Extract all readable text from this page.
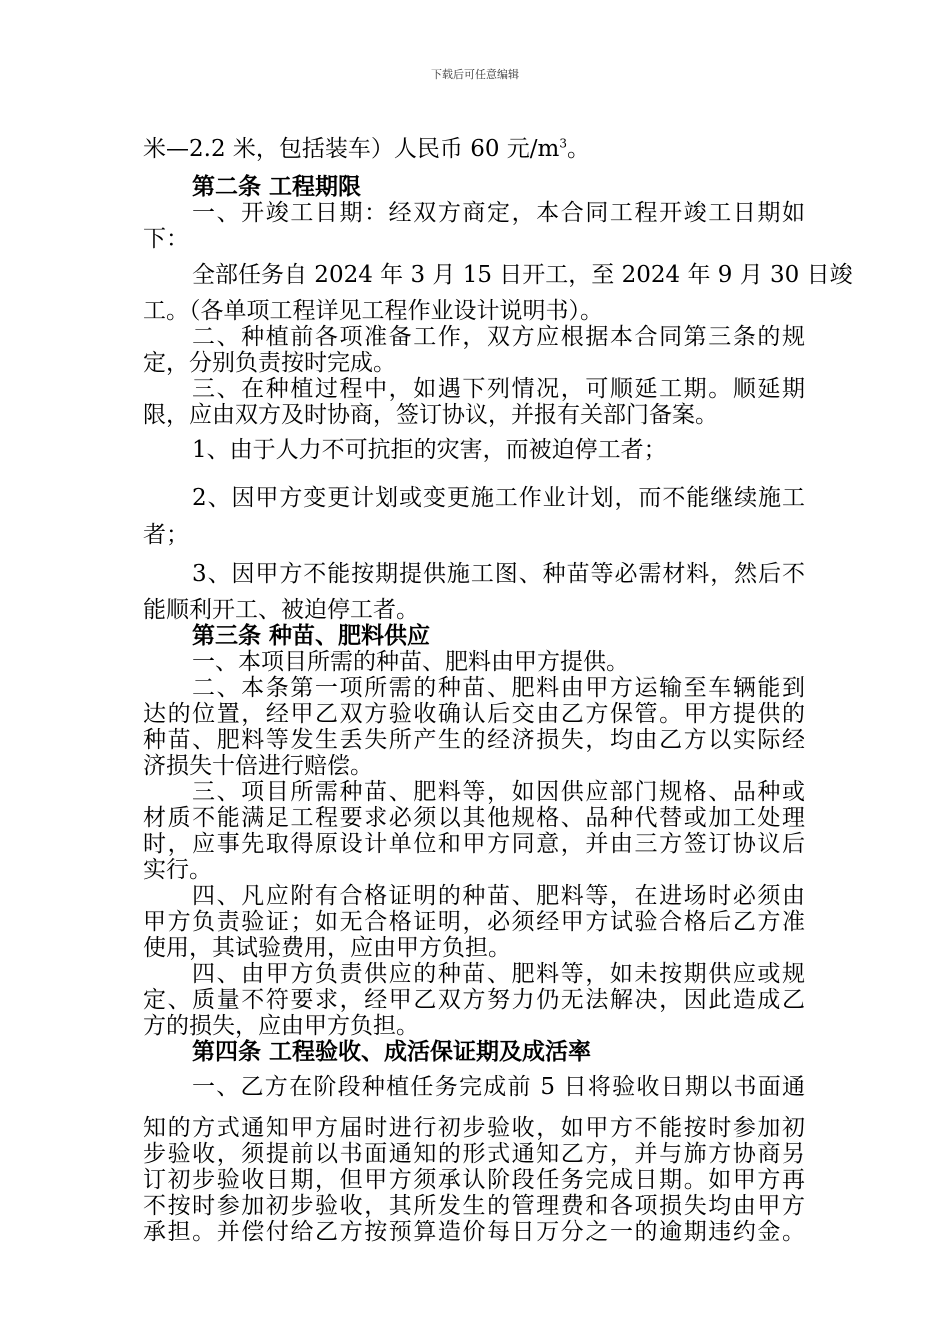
下载后可任意编辑
米—2.2 米，包括装车）人民币 60 元$/m^3$。
第二条 工程期限
一、开竣工日期：经双方商定，本合同工程开竣工日期如
下：
全部任务自 2024 年 3 月 15 日开工，至 2024 年 9 月 30 日竣
工。（各单项工程详见工程作业设计说明书）。
二、种植前各项准备工作，双方应根据本合同第三条的规
定，分别负责按时完成。
三、在种植过程中，如遇下列情况，可顺延工期。顺延期
限，应由双方及时协商，签订协议，并报有关部门备案。
1、由于人力不可抗拒的灾害，而被迫停工者；
2、因甲方变更计划或变更施工作业计划，而不能继续施工
者；
3、因甲方不能按期提供施工图、种苗等必需材料，然后不
能顺利开工、被迫停工者。
第三条 种苗、肥料供应
一、本项目所需的种苗、肥料由甲方提供。
二、本条第一项所需的种苗、肥料由甲方运输至车辆能到
达的位置，经甲乙双方验收确认后交由乙方保管。甲方提供的
种苗、肥料等发生丢失所产生的经济损失，均由乙方以实际经
济损失十倍进行赔偿。
三、项目所需种苗、肥料等，如因供应部门规格、品种或
材质不能满足工程要求必须以其他规格、品种代替或加工处理
时，应事先取得原设计单位和甲方同意，并由三方签订协议后
实行。
四、凡应附有合格证明的种苗、肥料等，在进场时必须由
甲方负责验证；如无合格证明，必须经甲方试验合格后乙方准
使用，其试验费用，应由甲方负担。
四、由甲方负责供应的种苗、肥料等，如未按期供应或规
定、质量不符要求，经甲乙双方努力仍无法解决，因此造成乙
方的损失，应由甲方负担。
第四条 工程验收、成活保证期及成活率
一、乙方在阶段种植任务完成前 5 日将验收日期以书面通
知的方式通知甲方届时进行初步验收，如甲方不能按时参加初
步验收，须提前以书面通知的形式通知乙方，并与斾方协商另
订初步验收日期，但甲方须承认阶段任务完成日期。如甲方再
不按时参加初步验收，其所发生的管理费和各项损失均由甲方
承担。并偿付给乙方按预算造价每日万分之一的逾期违约金。
